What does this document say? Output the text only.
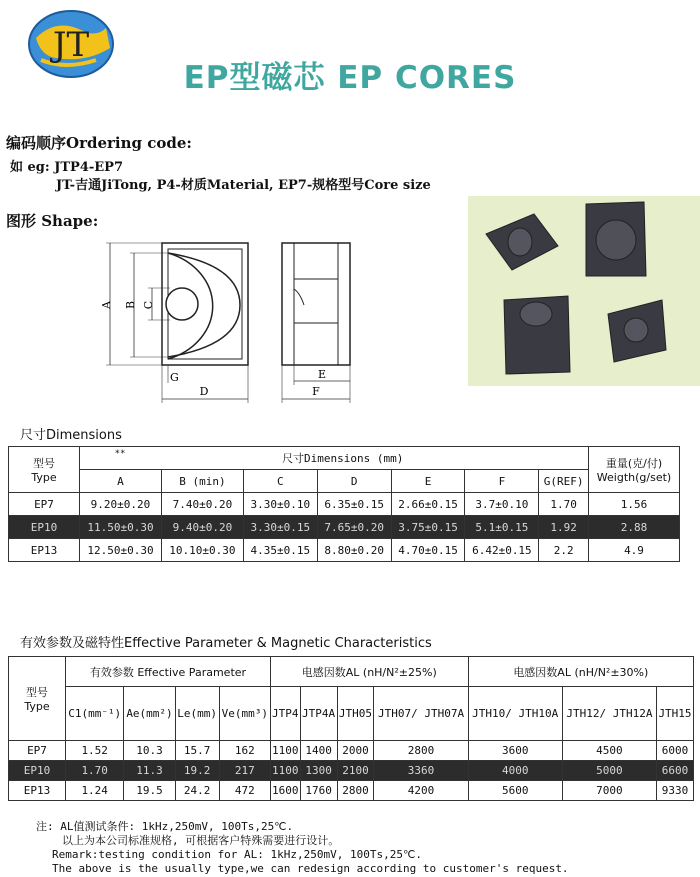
JT
EP型磁芯 EP CORES
编码顺序Ordering code:
如 eg: JTP4-EP7
JT-吉通JiTong, P4-材质Material, EP7-规格型号Core size
图形 Shape:
A B C
G
D
E
F
尺寸Dimensions
型号
Type	** 尺寸Dimensions (mm)							重量(克/付)
Weigth(g/set)
	A	B (min)	C	D	E	F	G(REF)	
EP7	9.20±0.20	7.40±0.20	3.30±0.10	6.35±0.15	2.66±0.15	3.7±0.10	1.70	1.56
EP10	11.50±0.30	9.40±0.20	3.30±0.15	7.65±0.20	3.75±0.15	5.1±0.15	1.92	2.88
EP13	12.50±0.30	10.10±0.30	4.35±0.15	8.80±0.20	4.70±0.15	6.42±0.15	2.2	4.9
有效参数及磁特性Effective Parameter & Magnetic Characteristics
型号
Type	有效参数 Effective Parameter				电感因数AL (nH/N²±25%)				电感因数AL (nH/N²±30%)		
	C1(mm⁻¹)	Ae(mm²)	Le(mm)	Ve(mm³)	JTP4	JTP4A	JTH05	JTH07/ JTH07A	JTH10/ JTH10A	JTH12/ JTH12A	JTH15
EP7	1.52	10.3	15.7	162	1100	1400	2000	2800	3600	4500	6000
EP10	1.70	11.3	19.2	217	1100	1300	2100	3360	4000	5000	6600
EP13	1.24	19.5	24.2	472	1600	1760	2800	4200	5600	7000	9330
注: AL值测试条件: 1kHz,250mV, 100Ts,25℃.
以上为本公司标准规格, 可根据客户特殊需要进行设计。
Remark:testing condition for AL: 1kHz,250mV, 100Ts,25℃.
The above is the usually type,we can redesign according to customer's request.
